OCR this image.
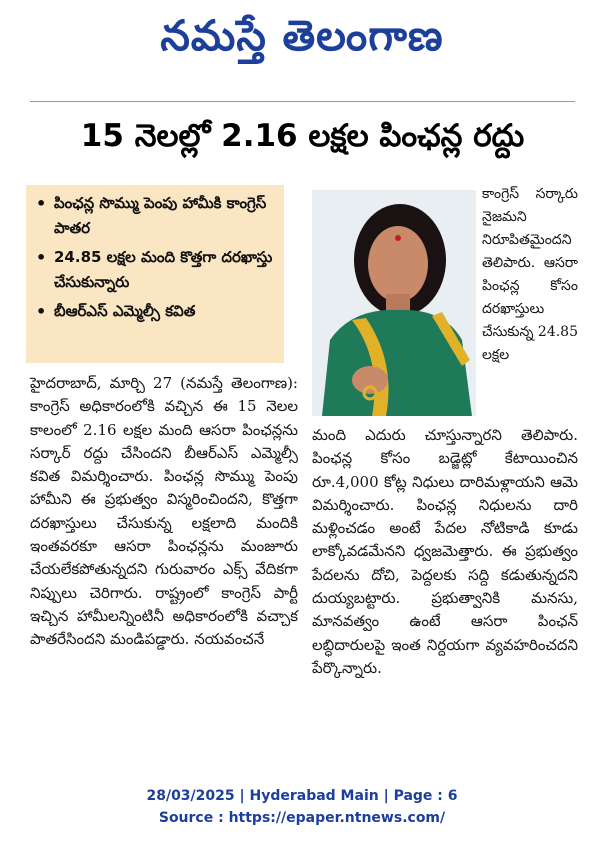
నమస్తే తెలంగాణ
15 నెలల్లో 2.16 లక్షల పింఛన్ల రద్దు
• పింఛన్ల సొమ్ము పెంపు హామీకి కాంగ్రెస్ పాతర
• 24.85 లక్షల మంది కొత్తగా దరఖాస్తు చేసుకున్నారు
• బీఆర్ఎస్ ఎమ్మెల్సీ కవిత

కాంగ్రెస్ సర్కారు నైజమని నిరూపితమైందని తెలిపారు. ఆసరా పింఛన్ల కోసం దరఖాస్తులు చేసుకున్న 24.85 లక్షల

హైదరాబాద్, మార్చి 27 (నమస్తే తెలంగాణ): కాంగ్రెస్ అధికారంలోకి వచ్చిన ఈ 15 నెలల కాలంలో 2.16 లక్షల మంది ఆసరా పింఛన్లను సర్కార్ రద్దు చేసిందని బీఆర్ఎస్ ఎమ్మెల్సీ కవిత విమర్శించారు. పింఛన్ల సొమ్ము పెంపు హామీని ఈ ప్రభుత్వం విస్మరించిందని, కొత్తగా దరఖాస్తులు చేసుకున్న లక్షలాది మందికి ఇంతవరకూ ఆసరా పింఛన్లను మంజూరు చేయలేకపోతున్నదని గురువారం ఎక్స్ వేదికగా నిప్పులు చెరిగారు. రాష్ట్రంలో కాంగ్రెస్ పార్టీ ఇచ్చిన హామీలన్నింటినీ అధికారంలోకి వచ్చాక పాతరేసిందని మండిపడ్డారు. నయవంచనే

మంది ఎదురు చూస్తున్నారని తెలిపారు. పింఛన్ల కోసం బడ్జెట్లో కేటాయించిన రూ.4,000 కోట్ల నిధులు దారిమళ్లాయని ఆమె విమర్శించారు. పింఛన్ల నిధులను దారి మళ్లించడం అంటే పేదల నోటికాడి కూడు లాక్కోవడమేనని ధ్వజమెత్తారు. ఈ ప్రభుత్వం పేదలను దోచి, పెద్దలకు సద్ది కడుతున్నదని దుయ్యబట్టారు. ప్రభుత్వానికి మనసు, మానవత్వం ఉంటే ఆసరా పింఛన్ లబ్ధిదారులపై ఇంత నిర్దయగా వ్యవహరించదని పేర్కొన్నారు.

28/03/2025 | Hyderabad Main | Page : 6
Source : https://epaper.ntnews.com/
